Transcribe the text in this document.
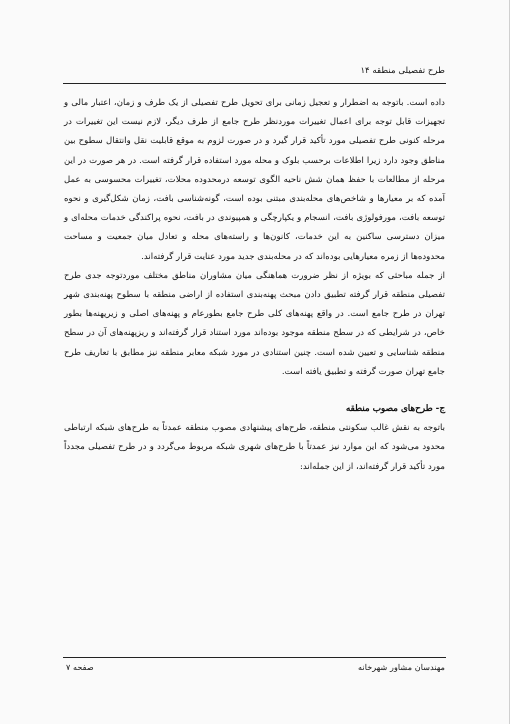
طرح تفصیلی منطقه ۱۴

داده است. باتوجه به اضطرار و تعجیل زمانی برای تحویل طرح تفصیلی از یک طرف و زمان، اعتبار مالی و تجهیزات قابل توجه برای اعمال تغییرات موردنظر طرح جامع از طرف دیگر، لازم نیست این تغییرات در مرحله کنونی طرح تفصیلی مورد تأکید قرار گیرد و در صورت لزوم به موقع قابلیت نقل وانتقال سطوح بین مناطق وجود دارد زیرا اطلاعات برحسب بلوک و محله مورد استفاده قرار گرفته است. در هر صورت در این مرحله از مطالعات با حفظ همان شش ناحیه الگوی توسعه درمحدوده محلات، تغییرات محسوسی به عمل آمده که بر معیارها و شاخص‌های محله‌بندی مبتنی بوده است، گونه‌شناسی بافت، زمان شکل‌گیری و نحوه توسعه بافت، مورفولوژی بافت، انسجام و یکپارچگی و همپیوندی در بافت، نحوه پراکندگی خدمات محله‌ای و میزان دسترسی ساکنین به این خدمات، کانون‌ها و راسته‌های محله و تعادل میان جمعیت و مساحت محدوده‌ها از زمره معیارهایی بوده‌اند که در محله‌بندی جدید مورد عنایت قرار گرفته‌اند.

از جمله مباحثی که بویژه از نظر ضرورت هماهنگی میان مشاوران مناطق مختلف موردتوجه جدی طرح تفصیلی منطقه قرار گرفته تطبیق دادن مبحث پهنه‌بندی استفاده از اراضی منطقه با سطوح پهنه‌بندی شهر تهران در طرح جامع است. در واقع پهنه‌های کلی طرح جامع بطورعام و پهنه‌های اصلی و زیرپهنه‌ها بطور خاص، در شرایطی که در سطح منطقه موجود بوده‌اند مورد استناد قرار گرفته‌اند و ریزپهنه‌های آن در سطح منطقه شناسایی و تعیین شده است. چنین استنادی در مورد شبکه معابر منطقه نیز مطابق با تعاریف طرح جامع تهران صورت گرفته و تطبیق یافته است.

ج- طرح‌های مصوب منطقه

باتوجه به نقش غالب سکونتی منطقه، طرح‌های پیشنهادی مصوب منطقه عمدتاً به طرح‌های شبکه ارتباطی محدود می‌شود که این موارد نیز عمدتاً با طرح‌های شهری شبکه مربوط می‌گردد و در طرح تفصیلی مجدداً مورد تأکید قرار گرفته‌اند، از این جمله‌اند:

صفحه ۷	مهندسان مشاور شهرخانه
